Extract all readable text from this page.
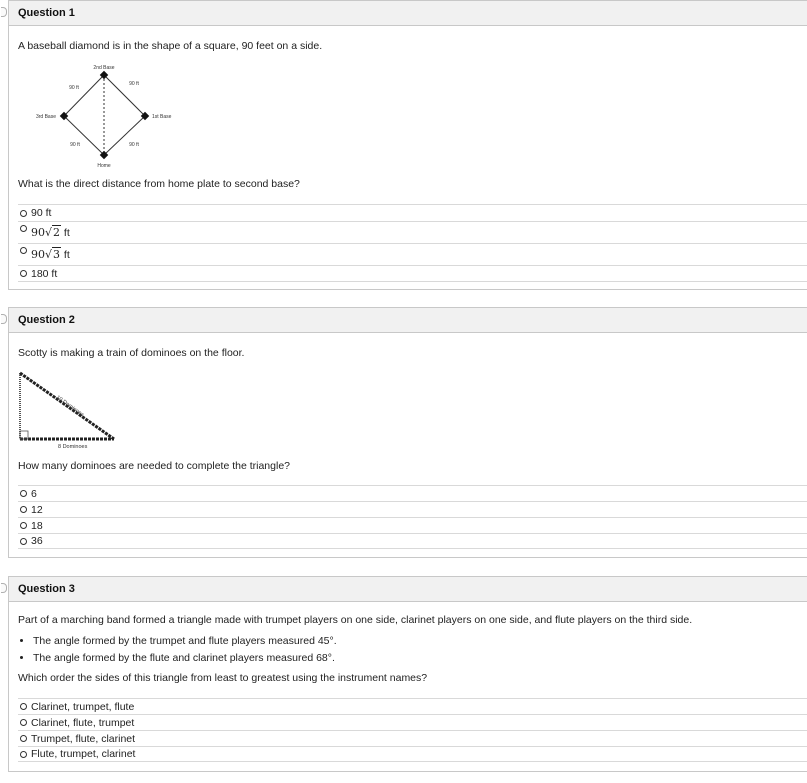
Question 1
A baseball diamond is in the shape of a square, 90 feet on a side.
2nd Base
1st Base
3rd Base
Home
90 ft
90 ft
90 ft	90 ft
What is the direct distance from home plate to second base?
90 ft
90√2 ft
90√3 ft
180 ft
Question 2
Scotty is making a train of dominoes on the floor.
10 Dominoes
8 Dominoes
How many dominoes are needed to complete the triangle?
6
12
18
36
Question 3
Part of a marching band formed a triangle made with trumpet players on one side, clarinet players on one side, and flute players on the third side.
The angle formed by the trumpet and flute players measured 45°.
The angle formed by the flute and clarinet players measured 68°.
Which order the sides of this triangle from least to greatest using the instrument names?
Clarinet, trumpet, flute
Clarinet, flute, trumpet
Trumpet, flute, clarinet
Flute, trumpet, clarinet
